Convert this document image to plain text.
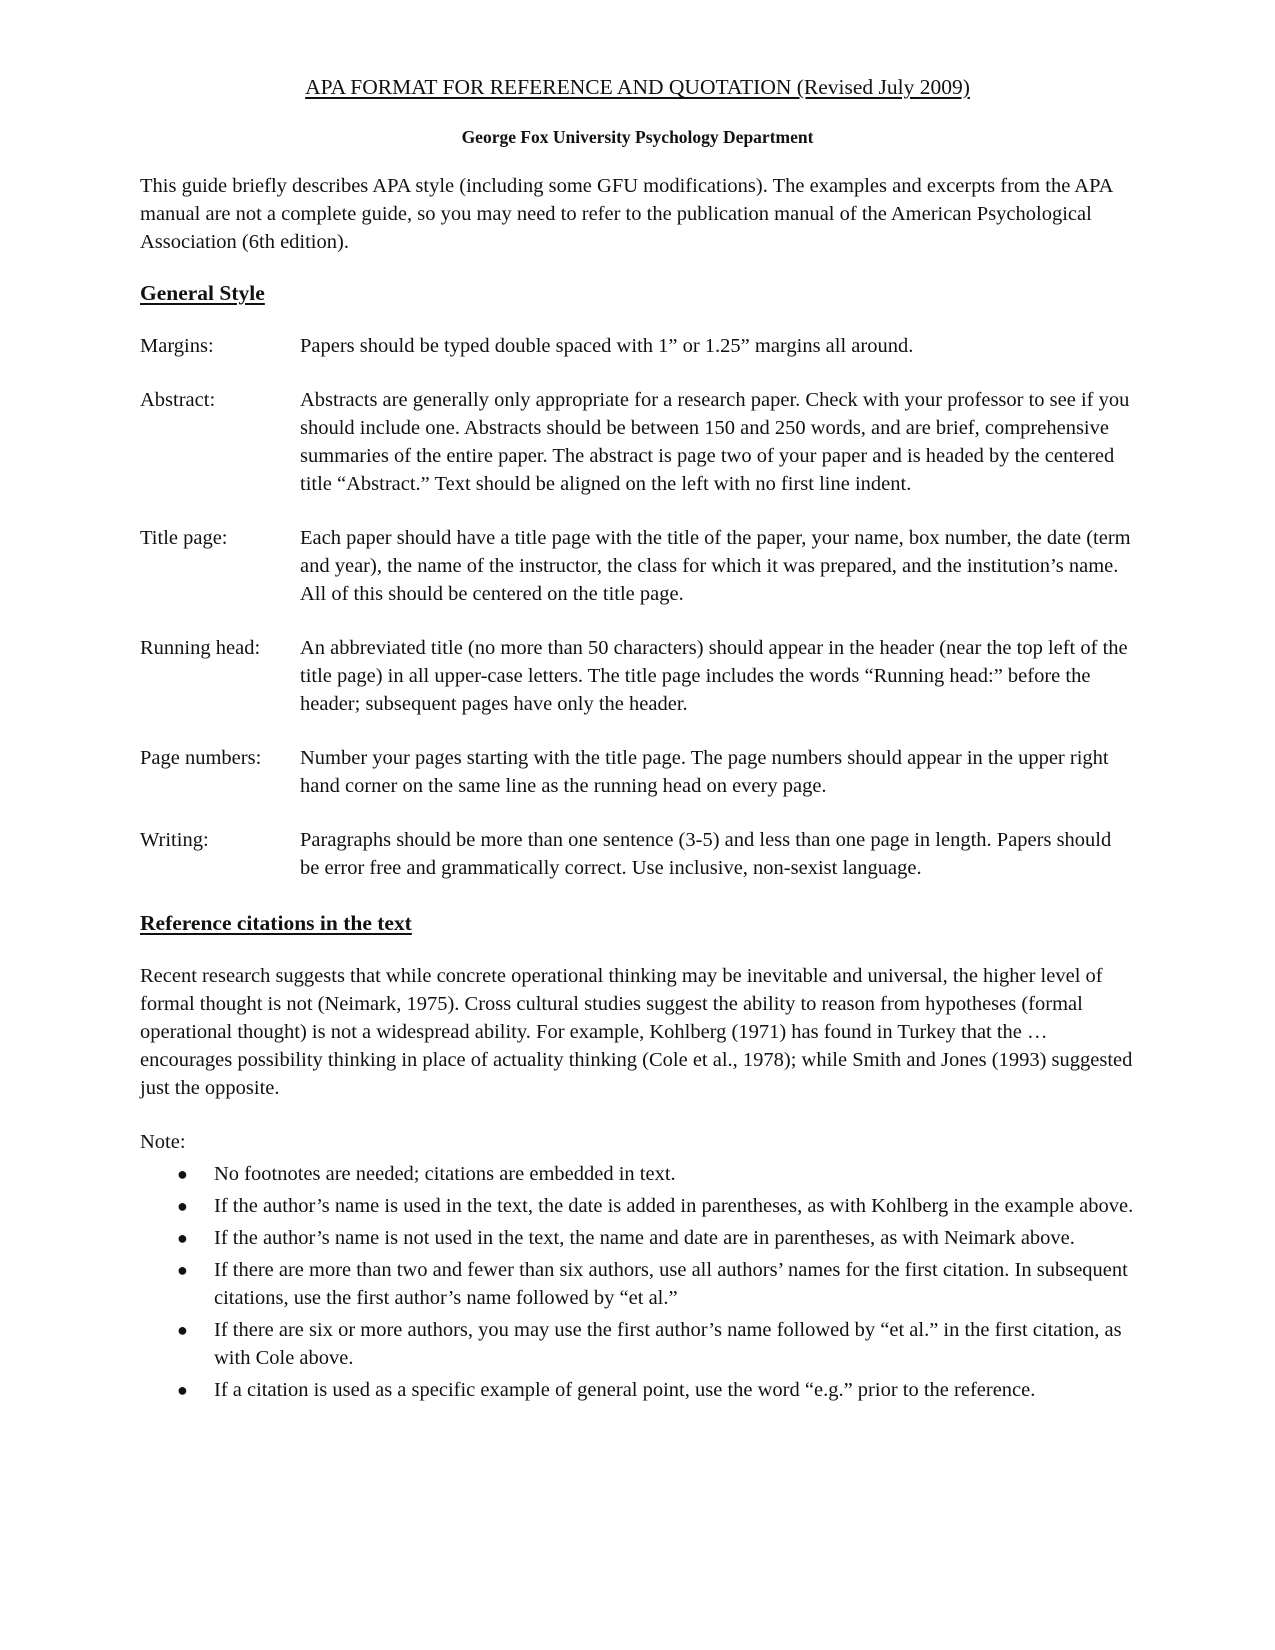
APA FORMAT FOR REFERENCE AND QUOTATION (Revised July 2009)
George Fox University Psychology Department
This guide briefly describes APA style (including some GFU modifications). The examples and excerpts from the APA manual are not a complete guide, so you may need to refer to the publication manual of the American Psychological Association (6th edition).
General Style
Margins:	Papers should be typed double spaced with 1” or 1.25” margins all around.
Abstract:	Abstracts are generally only appropriate for a research paper. Check with your professor to see if you should include one. Abstracts should be between 150 and 250 words, and are brief, comprehensive summaries of the entire paper. The abstract is page two of your paper and is headed by the centered title “Abstract.” Text should be aligned on the left with no first line indent.
Title page:	Each paper should have a title page with the title of the paper, your name, box number, the date (term and year), the name of the instructor, the class for which it was prepared, and the institution’s name. All of this should be centered on the title page.
Running head:	An abbreviated title (no more than 50 characters) should appear in the header (near the top left of the title page) in all upper-case letters. The title page includes the words “Running head:” before the header; subsequent pages have only the header.
Page numbers:	Number your pages starting with the title page. The page numbers should appear in the upper right hand corner on the same line as the running head on every page.
Writing:	Paragraphs should be more than one sentence (3-5) and less than one page in length. Papers should be error free and grammatically correct. Use inclusive, non-sexist language.
Reference citations in the text
Recent research suggests that while concrete operational thinking may be inevitable and universal, the higher level of formal thought is not (Neimark, 1975). Cross cultural studies suggest the ability to reason from hypotheses (formal operational thought) is not a widespread ability. For example, Kohlberg (1971) has found in Turkey that the … encourages possibility thinking in place of actuality thinking (Cole et al., 1978); while Smith and Jones (1993) suggested just the opposite.
Note:
● No footnotes are needed; citations are embedded in text.
● If the author’s name is used in the text, the date is added in parentheses, as with Kohlberg in the example above.
● If the author’s name is not used in the text, the name and date are in parentheses, as with Neimark above.
● If there are more than two and fewer than six authors, use all authors’ names for the first citation. In subsequent citations, use the first author’s name followed by “et al.”
● If there are six or more authors, you may use the first author’s name followed by “et al.” in the first citation, as with Cole above.
● If a citation is used as a specific example of general point, use the word “e.g.” prior to the reference.
